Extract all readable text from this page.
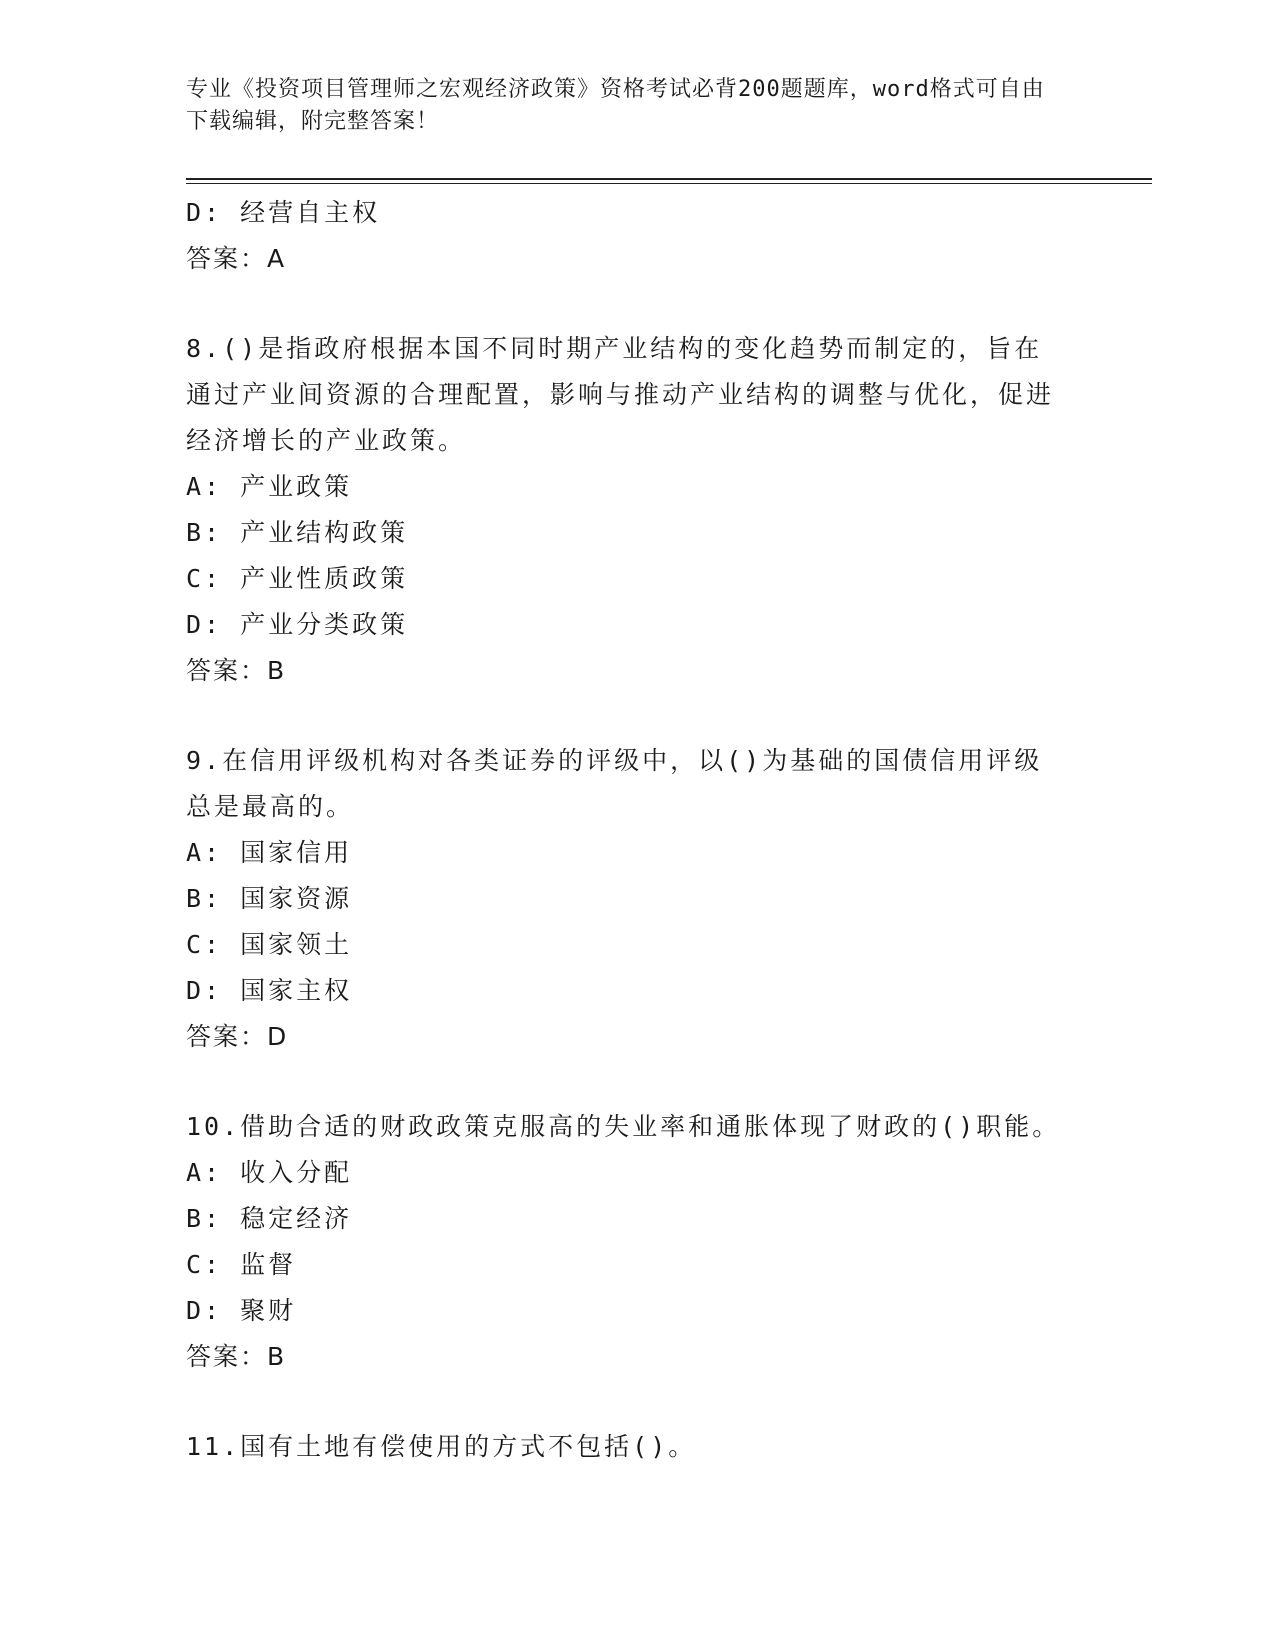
专业《投资项目管理师之宏观经济政策》资格考试必背200题题库，word格式可自由下载编辑，附完整答案！
D: 经营自主权
答案：A
8.()是指政府根据本国不同时期产业结构的变化趋势而制定的，旨在通过产业间资源的合理配置，影响与推动产业结构的调整与优化，促进经济增长的产业政策。
A: 产业政策
B: 产业结构政策
C: 产业性质政策
D: 产业分类政策
答案：B
9.在信用评级机构对各类证券的评级中，以()为基础的国债信用评级总是最高的。
A: 国家信用
B: 国家资源
C: 国家领土
D: 国家主权
答案：D
10.借助合适的财政政策克服高的失业率和通胀体现了财政的()职能。
A: 收入分配
B: 稳定经济
C: 监督
D: 聚财
答案：B
11.国有土地有偿使用的方式不包括()。
